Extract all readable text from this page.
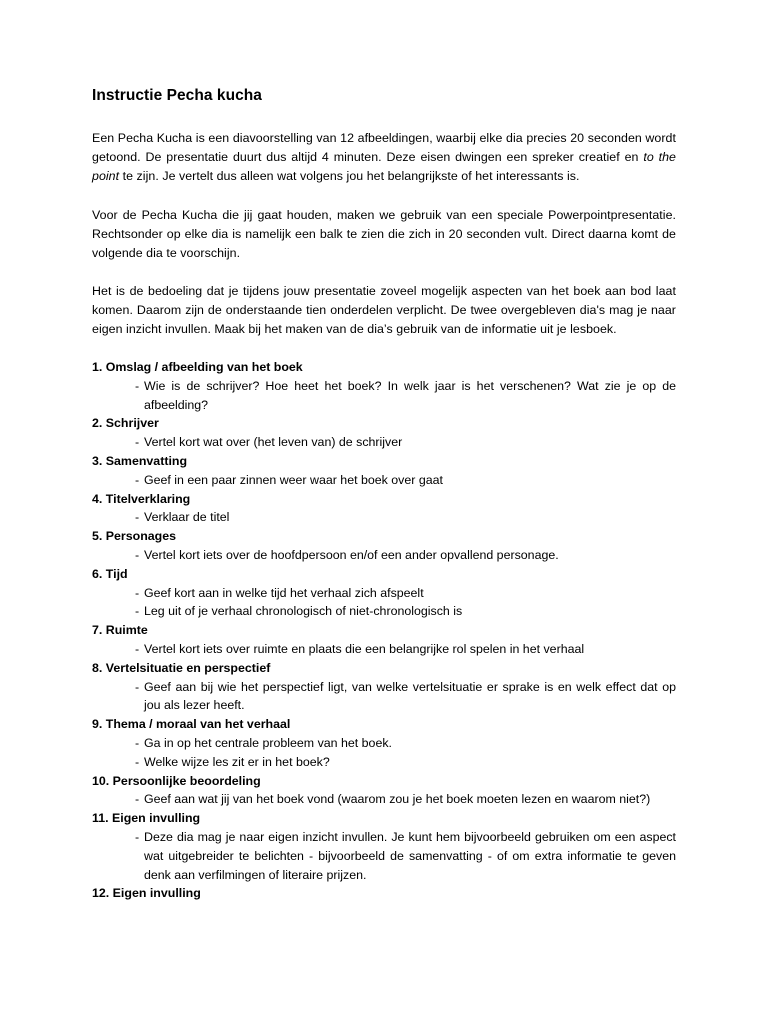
Instructie Pecha kucha

Een Pecha Kucha is een diavoorstelling van 12 afbeeldingen, waarbij elke dia precies 20 seconden wordt getoond. De presentatie duurt dus altijd 4 minuten. Deze eisen dwingen een spreker creatief en to the point te zijn. Je vertelt dus alleen wat volgens jou het belangrijkste of het interessants is.

Voor de Pecha Kucha die jij gaat houden, maken we gebruik van een speciale Powerpointpresentatie. Rechtsonder op elke dia is namelijk een balk te zien die zich in 20 seconden vult. Direct daarna komt de volgende dia te voorschijn.

Het is de bedoeling dat je tijdens jouw presentatie zoveel mogelijk aspecten van het boek aan bod laat komen. Daarom zijn de onderstaande tien onderdelen verplicht. De twee overgebleven dia's mag je naar eigen inzicht invullen. Maak bij het maken van de dia’s gebruik van de informatie uit je lesboek.

1. Omslag / afbeelding van het boek
- Wie is de schrijver? Hoe heet het boek? In welk jaar is het verschenen? Wat zie je op de afbeelding?
2. Schrijver
- Vertel kort wat over (het leven van) de schrijver
3. Samenvatting
- Geef in een paar zinnen weer waar het boek over gaat
4. Titelverklaring
- Verklaar de titel
5. Personages
- Vertel kort iets over de hoofdpersoon en/of een ander opvallend personage.
6. Tijd
- Geef kort aan in welke tijd het verhaal zich afspeelt
- Leg uit of je verhaal chronologisch of niet-chronologisch is
7. Ruimte
- Vertel kort iets over ruimte en plaats die een belangrijke rol spelen in het verhaal
8. Vertelsituatie en perspectief
- Geef aan bij wie het perspectief ligt, van welke vertelsituatie er sprake is en welk effect dat op jou als lezer heeft.
9. Thema / moraal van het verhaal
- Ga in op het centrale probleem van het boek.
- Welke wijze les zit er in het boek?
10. Persoonlijke beoordeling
- Geef aan wat jij van het boek vond (waarom zou je het boek moeten lezen en waarom niet?)
11. Eigen invulling
- Deze dia mag je naar eigen inzicht invullen. Je kunt hem bijvoorbeeld gebruiken om een aspect wat uitgebreider te belichten - bijvoorbeeld de samenvatting - of om extra informatie te geven denk aan verfilmingen of literaire prijzen.
12. Eigen invulling
